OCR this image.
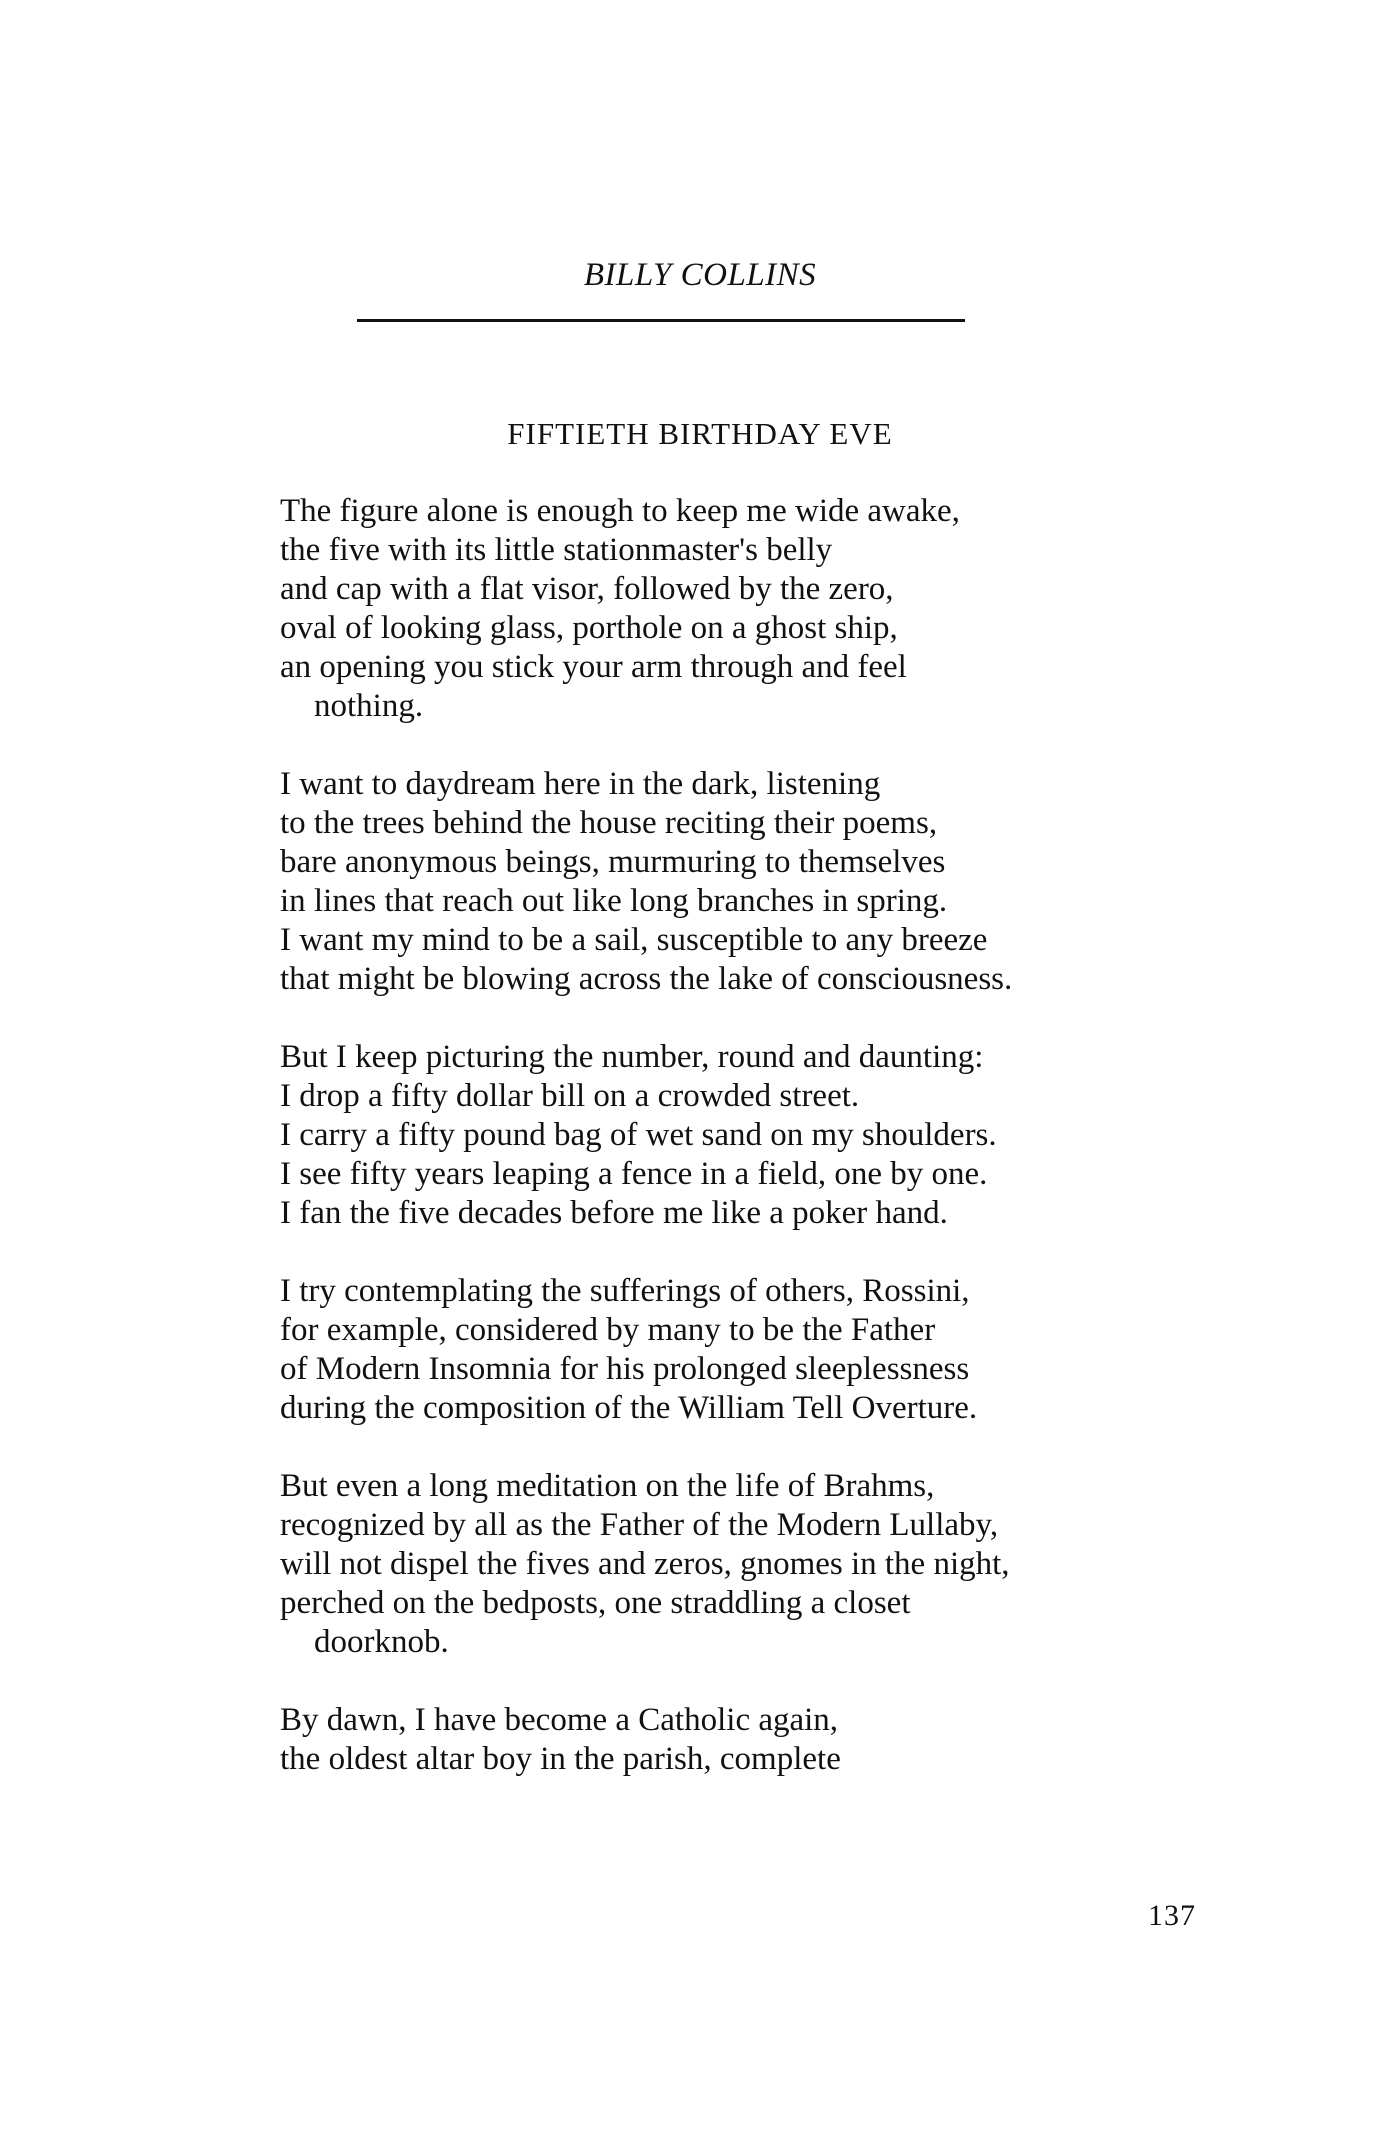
BILLY COLLINS
FIFTIETH BIRTHDAY EVE
The figure alone is enough to keep me wide awake,
the five with its little stationmaster's belly
and cap with a flat visor, followed by the zero,
oval of looking glass, porthole on a ghost ship,
an opening you stick your arm through and feel
nothing.
I want to daydream here in the dark, listening
to the trees behind the house reciting their poems,
bare anonymous beings, murmuring to themselves
in lines that reach out like long branches in spring.
I want my mind to be a sail, susceptible to any breeze
that might be blowing across the lake of consciousness.
But I keep picturing the number, round and daunting:
I drop a fifty dollar bill on a crowded street.
I carry a fifty pound bag of wet sand on my shoulders.
I see fifty years leaping a fence in a field, one by one.
I fan the five decades before me like a poker hand.
I try contemplating the sufferings of others, Rossini,
for example, considered by many to be the Father
of Modern Insomnia for his prolonged sleeplessness
during the composition of the William Tell Overture.
But even a long meditation on the life of Brahms,
recognized by all as the Father of the Modern Lullaby,
will not dispel the fives and zeros, gnomes in the night,
perched on the bedposts, one straddling a closet
doorknob.
By dawn, I have become a Catholic again,
the oldest altar boy in the parish, complete
137
